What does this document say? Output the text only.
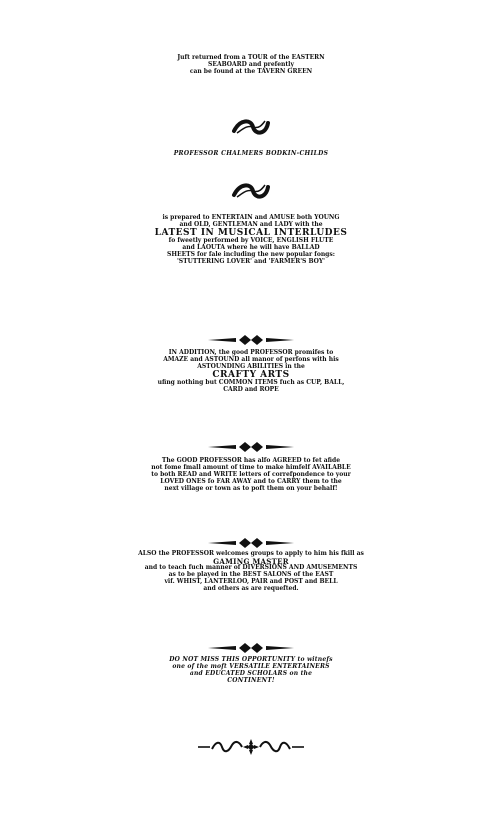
Juft returned from a TOUR of the EASTERN
SEABOARD and prefently
can be found at the TAVERN GREEN
PROFESSOR CHALMERS BODKIN-CHILDS
is prepared to ENTERTAIN and AMUSE both YOUNG
and OLD, GENTLEMAN and LADY with the
LATEST IN MUSICAL INTERLUDES
fo fweetly performed by VOICE, ENGLISH FLUTE
and LAOUTA where he will have BALLAD
SHEETS for fale including the new popular fongs:
'STUTTERING LOVER' and 'FARMER'S BOY'
IN ADDITION, the good PROFESSOR promifes to
AMAZE and ASTOUND all manor of perfons with his
ASTOUNDING ABILITIES in the
CRAFTY ARTS
ufing nothing but COMMON ITEMS fuch as CUP, BALL,
CARD and ROPE
The GOOD PROFESSOR has alfo AGREED to fet afide
not fome fmall amount of time to make himfelf AVAILABLE
to both READ and WRITE letters of correfpondence to your
LOVED ONES fo FAR AWAY and to CARRY them to the
next village or town as to poft them on your behalf!
ALSO the PROFESSOR welcomes groups to apply to him his fkill as
GAMING MASTER
and to teach fuch manner of DIVERSIONS AND AMUSEMENTS
as to be played in the BEST SALONS of the EAST
vif. WHIST, LANTERLOO, PAIR and POST and BELL
and others as are requefted.
DO NOT MISS THIS OPPORTUNITY to witnefs
one of the moft VERSATILE ENTERTAINERS
and EDUCATED SCHOLARS on the
CONTINENT!
